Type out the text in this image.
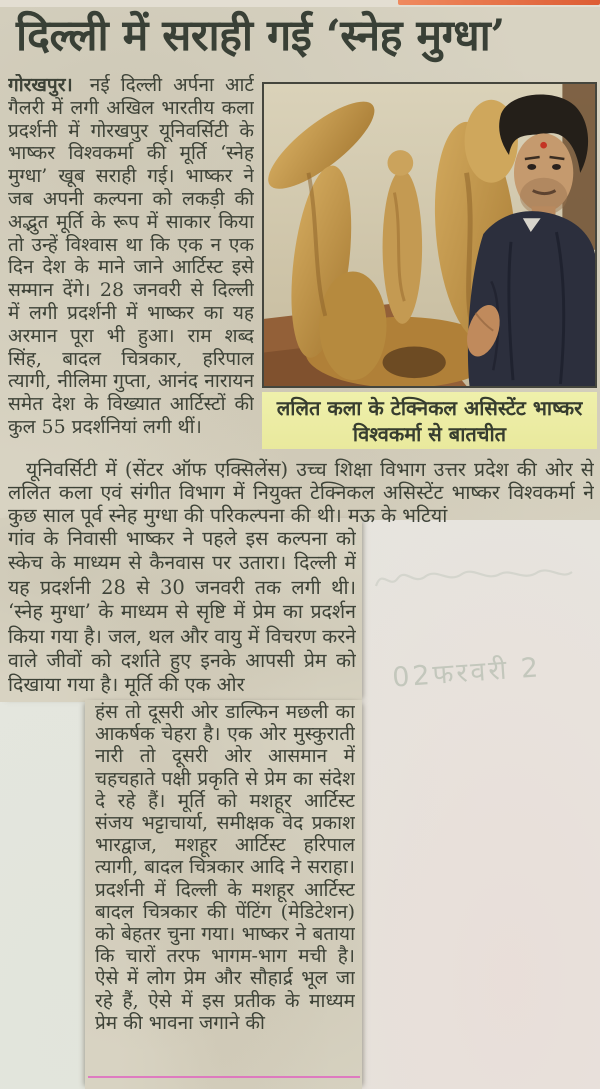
दिल्ली में सराही गई ‘स्नेह मुग्धा’
गोरखपुर। नई दिल्ली अर्पना आर्ट गैलरी में लगी अखिल भारतीय कला प्रदर्शनी में गोरखपुर यूनिवर्सिटी के भाष्कर विश्वकर्मा की मूर्ति ‘स्नेह मुग्धा’ खूब सराही गई। भाष्कर ने जब अपनी कल्पना को लकड़ी की अद्भुत मूर्ति के रूप में साकार किया तो उन्हें विश्वास था कि एक न एक दिन देश के माने जाने आर्टिस्ट इसे सम्मान देंगे। 28 जनवरी से दिल्ली में लगी प्रदर्शनी में भाष्कर का यह अरमान पूरा भी हुआ। राम शब्द सिंह, बादल चित्रकार, हरिपाल त्यागी, नीलिमा गुप्ता, आनंद नारायन समेत देश के विख्यात आर्टिस्टों की कुल 55 प्रदर्शनियां लगी थीं।
ललित कला के टेक्निकल असिस्टेंट भाष्कर
विश्वकर्मा से बातचीत
यूनिवर्सिटी में (सेंटर ऑफ एक्सिलेंस) उच्च शिक्षा विभाग उत्तर प्रदेश की ओर से ललित कला एवं संगीत विभाग में नियुक्त टेक्निकल असिस्टेंट भाष्कर विश्वकर्मा ने कुछ साल पूर्व स्नेह मुग्धा की परिकल्पना की थी। मऊ के भटियां
गांव के निवासी भाष्कर ने पहले इस कल्पना को स्केच के माध्यम से कैनवास पर उतारा। दिल्ली में यह प्रदर्शनी 28 से 30 जनवरी तक लगी थी। ‘स्नेह मुग्धा’ के माध्यम से सृष्टि में प्रेम का प्रदर्शन किया गया है। जल, थल और वायु में विचरण करने वाले जीवों को दर्शाते हुए इनके आपसी प्रेम को दिखाया गया है। मूर्ति की एक ओर
हंस तो दूसरी ओर डाल्फिन मछली का आकर्षक चेहरा है। एक ओर मुस्कुराती नारी तो दूसरी ओर आसमान में चहचहाते पक्षी प्रकृति से प्रेम का संदेश दे रहे हैं। मूर्ति को मशहूर आर्टिस्ट संजय भट्टाचार्या, समीक्षक वेद प्रकाश भारद्वाज, मशहूर आर्टिस्ट हरिपाल त्यागी, बादल चित्रकार आदि ने सराहा। प्रदर्शनी में दिल्ली के मशहूर आर्टिस्ट बादल चित्रकार की पेंटिंग (मेडिटेशन) को बेहतर चुना गया। भाष्कर ने बताया कि चारों तरफ भागम-भाग मची है। ऐसे में लोग प्रेम और सौहार्द्र भूल जा रहे हैं, ऐसे में इस प्रतीक के माध्यम प्रेम की भावना जगाने की
02फरवरी 2
